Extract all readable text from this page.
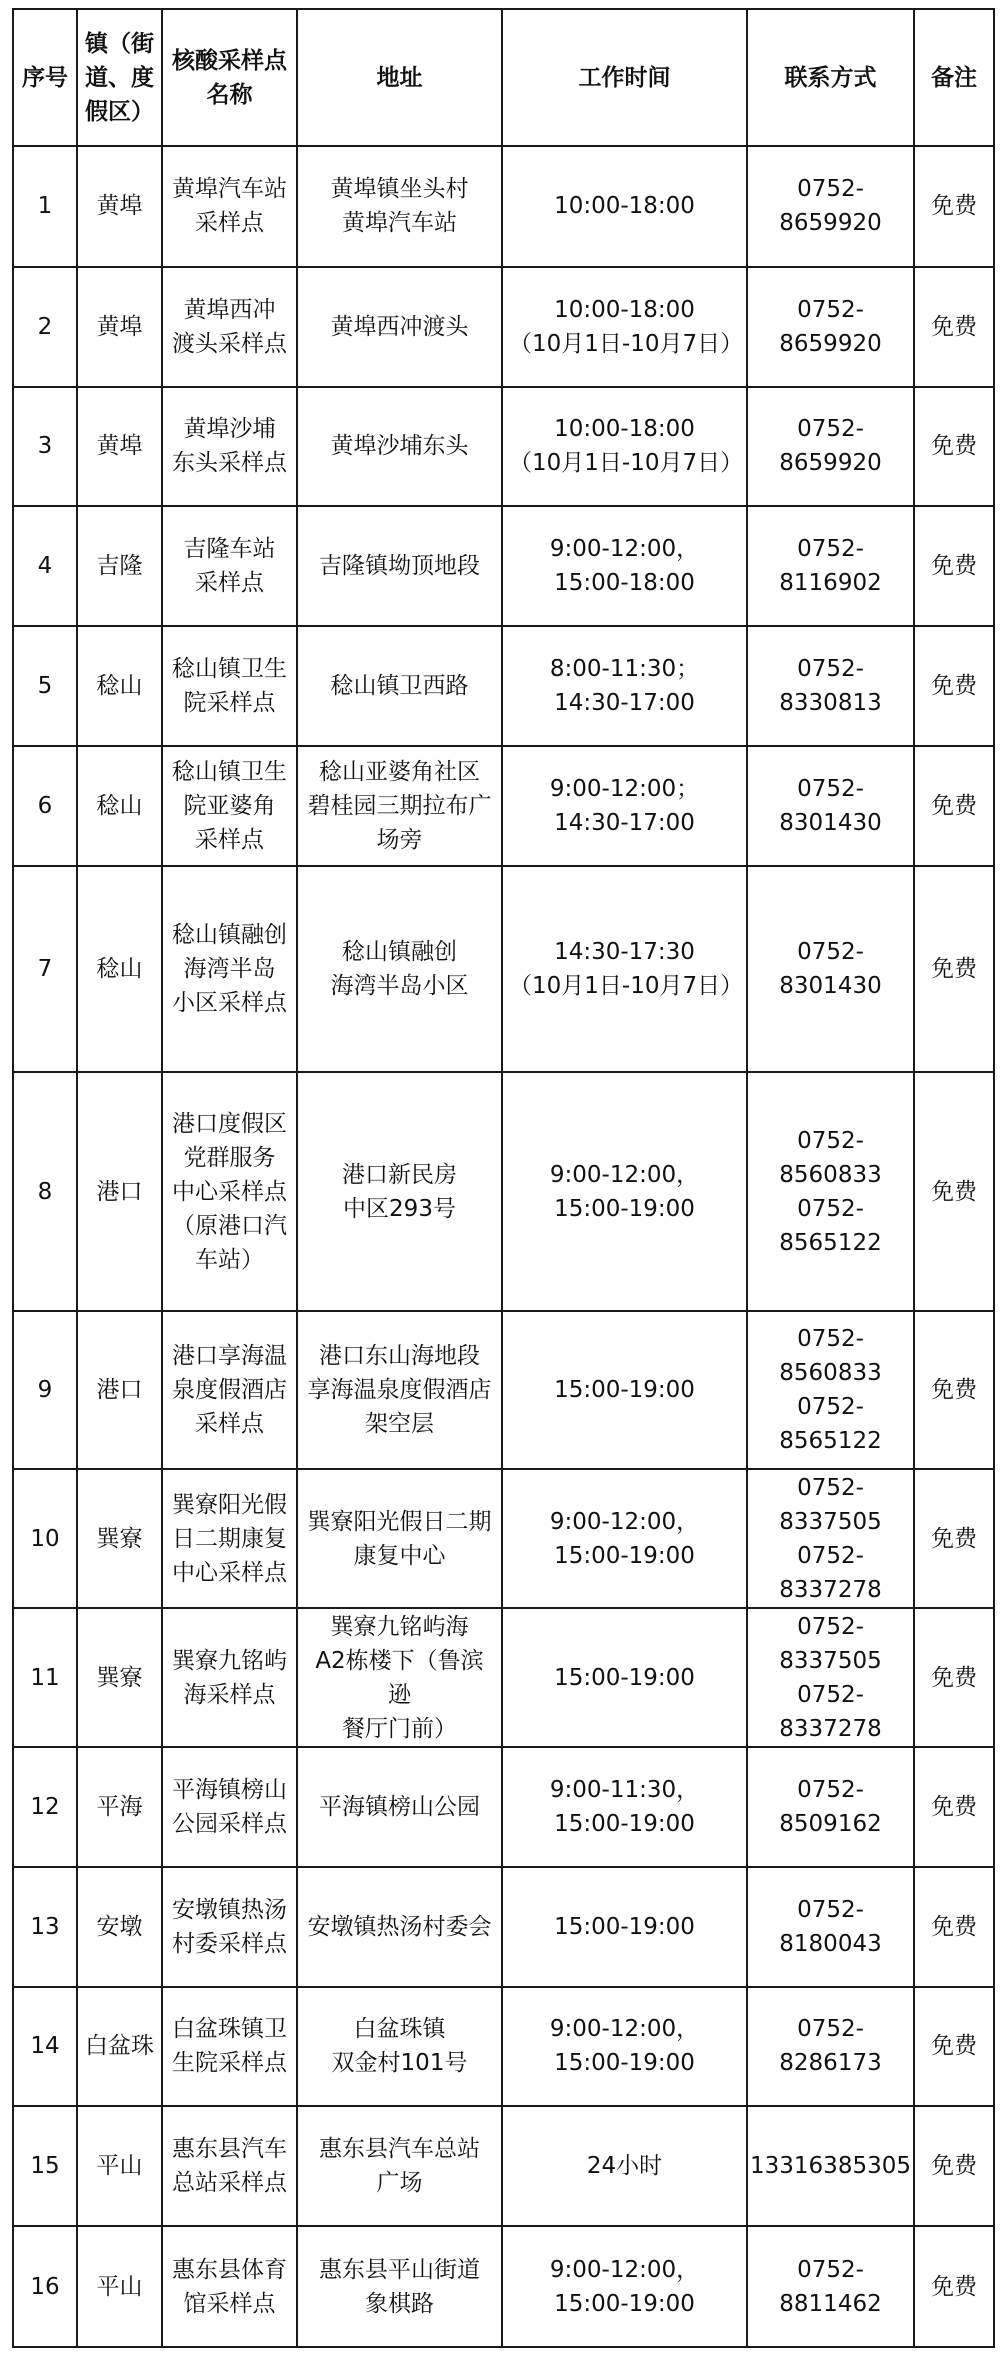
序号	镇（街
道、度
假区）	核酸采样点
名称	地址	工作时间	联系方式	备注
1	黄埠	黄埠汽车站
采样点	黄埠镇坐头村
黄埠汽车站	10:00-18:00	0752-
8659920	免费
2	黄埠	黄埠西冲
渡头采样点	黄埠西冲渡头	10:00-18:00
（10月1日-10月7日）	0752-
8659920	免费
3	黄埠	黄埠沙埔
东头采样点	黄埠沙埔东头	10:00-18:00
（10月1日-10月7日）	0752-
8659920	免费
4	吉隆	吉隆车站
采样点	吉隆镇坳顶地段	9:00-12:00，
15:00-18:00	0752-
8116902	免费
5	稔山	稔山镇卫生
院采样点	稔山镇卫西路	8:00-11:30；
14:30-17:00	0752-
8330813	免费
6	稔山	稔山镇卫生
院亚婆角
采样点	稔山亚婆角社区
碧桂园三期拉布广
场旁	9:00-12:00；
14:30-17:00	0752-
8301430	免费
7	稔山	稔山镇融创
海湾半岛
小区采样点	稔山镇融创
海湾半岛小区	14:30-17:30
（10月1日-10月7日）	0752-
8301430	免费
8	港口	港口度假区
党群服务
中心采样点
（原港口汽
车站）	港口新民房
中区293号	9:00-12:00，
15:00-19:00	0752-
8560833
0752-
8565122	免费
9	港口	港口享海温
泉度假酒店
采样点	港口东山海地段
享海温泉度假酒店
架空层	15:00-19:00	0752-
8560833
0752-
8565122	免费
10	巽寮	巽寮阳光假
日二期康复
中心采样点	巽寮阳光假日二期
康复中心	9:00-12:00，
15:00-19:00	0752-
8337505
0752-
8337278	免费
11	巽寮	巽寮九铭屿
海采样点	巽寮九铭屿海
A2栋楼下（鲁滨逊
餐厅门前）	15:00-19:00	0752-
8337505
0752-
8337278	免费
12	平海	平海镇榜山
公园采样点	平海镇榜山公园	9:00-11:30，
15:00-19:00	0752-
8509162	免费
13	安墩	安墩镇热汤
村委采样点	安墩镇热汤村委会	15:00-19:00	0752-
8180043	免费
14	白盆珠	白盆珠镇卫
生院采样点	白盆珠镇
双金村101号	9:00-12:00，
15:00-19:00	0752-
8286173	免费
15	平山	惠东县汽车
总站采样点	惠东县汽车总站
广场	24小时	13316385305	免费
16	平山	惠东县体育
馆采样点	惠东县平山街道
象棋路	9:00-12:00，
15:00-19:00	0752-
8811462	免费
